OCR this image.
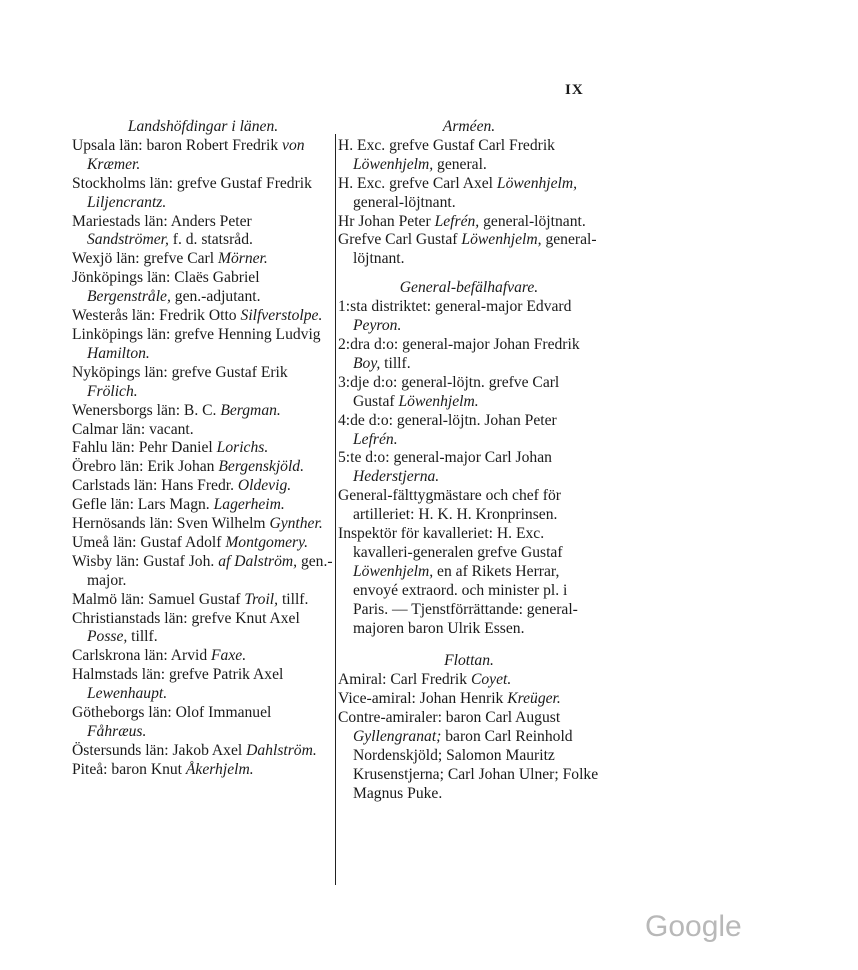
IX
Landshöfdingar i länen.
Upsala län: baron Robert Fredrik von Kræmer.
Stockholms län: grefve Gustaf Fredrik Liljencrantz.
Mariestads län: Anders Peter Sandströmer, f. d. statsråd.
Wexjö län: grefve Carl Mörner.
Jönköpings län: Claës Gabriel Bergenstråle, gen.-adjutant.
Westerås län: Fredrik Otto Silfverstolpe.
Linköpings län: grefve Henning Ludvig Hamilton.
Nyköpings län: grefve Gustaf Erik Frölich.
Wenersborgs län: B. C. Bergman.
Calmar län: vacant.
Fahlu län: Pehr Daniel Lorichs.
Örebro län: Erik Johan Bergenskjöld.
Carlstads län: Hans Fredr. Oldevig.
Gefle län: Lars Magn. Lagerheim.
Hernösands län: Sven Wilhelm Gynther.
Umeå län: Gustaf Adolf Montgomery.
Wisby län: Gustaf Joh. af Dalström, gen.-major.
Malmö län: Samuel Gustaf Troil, tillf.
Christianstads län: grefve Knut Axel Posse, tillf.
Carlskrona län: Arvid Faxe.
Halmstads län: grefve Patrik Axel Lewenhaupt.
Götheborgs län: Olof Immanuel Fåhræus.
Östersunds län: Jakob Axel Dahlström.
Piteå: baron Knut Åkerhjelm.
Arméen.
H. Exc. grefve Gustaf Carl Fredrik Löwenhjelm, general.
H. Exc. grefve Carl Axel Löwenhjelm, general-löjtnant.
Hr Johan Peter Lefrén, general-löjtnant.
Grefve Carl Gustaf Löwenhjelm, general-löjtnant.
General-befälhafvare.
1:sta distriktet: general-major Edvard Peyron.
2:dra d:o: general-major Johan Fredrik Boy, tillf.
3:dje d:o: general-löjtn. grefve Carl Gustaf Löwenhjelm.
4:de d:o: general-löjtn. Johan Peter Lefrén.
5:te d:o: general-major Carl Johan Hederstjerna.
General-fälttygmästare och chef för artilleriet: H. K. H. Kronprinsen.
Inspektör för kavalleriet: H. Exc. kavalleri-generalen grefve Gustaf Löwenhjelm, en af Rikets Herrar, envoyé extraord. och minister pl. i Paris. — Tjenstförrättande: general-majoren baron Ulrik Essen.
Flottan.
Amiral: Carl Fredrik Coyet.
Vice-amiral: Johan Henrik Kreüger.
Contre-amiraler: baron Carl August Gyllengranat; baron Carl Reinhold Nordenskjöld; Salomon Mauritz Krusenstjerna; Carl Johan Ulner; Folke Magnus Puke.
Google
